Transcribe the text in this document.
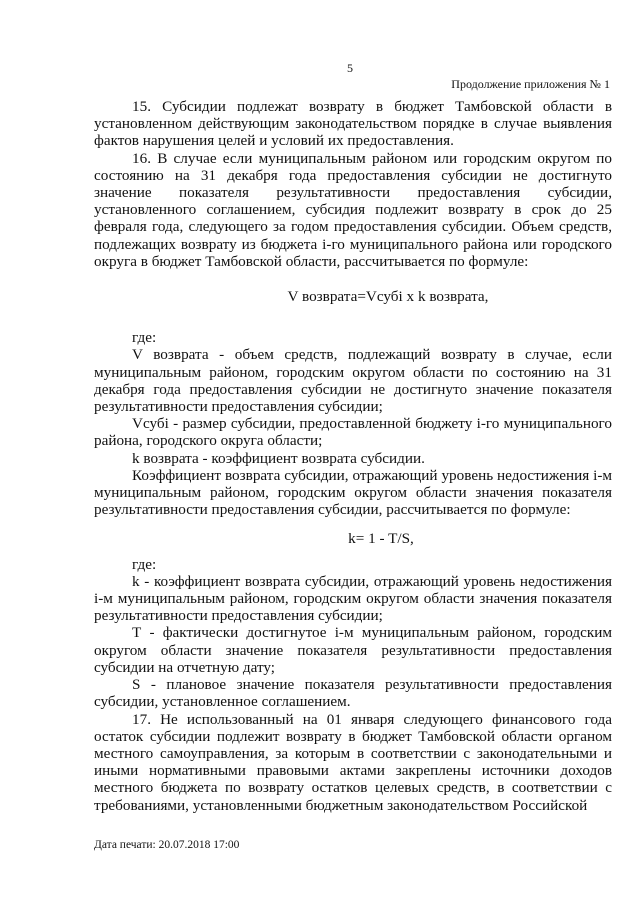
5
Продолжение приложения № 1

15. Субсидии подлежат возврату в бюджет Тамбовской области в установленном действующим законодательством порядке в случае выявления фактов нарушения целей и условий их предоставления.

16. В случае если муниципальным районом или городским округом по состоянию на 31 декабря года предоставления субсидии не достигнуто значение показателя результативности предоставления субсидии, установленного соглашением, субсидия подлежит возврату в срок до 25 февраля года, следующего за годом предоставления субсидии. Объем средств, подлежащих возврату из бюджета i-го муниципального района или городского округа в бюджет Тамбовской области, рассчитывается по формуле:

V возврата=Vсубi x k возврата,

где:

V возврата - объем средств, подлежащий возврату в случае, если муниципальным районом, городским округом области по состоянию на 31 декабря года предоставления субсидии не достигнуто значение показателя результативности предоставления субсидии;

Vсубi - размер субсидии, предоставленной бюджету i-го муниципального района, городского округа области;

k возврата - коэффициент возврата субсидии.

Коэффициент возврата субсидии, отражающий уровень недостижения i-м муниципальным районом, городским округом области значения показателя результативности предоставления субсидии, рассчитывается по формуле:

k= 1 - T/S,

где:

k - коэффициент возврата субсидии, отражающий уровень недостижения i-м муниципальным районом, городским округом области значения показателя результативности предоставления субсидии;

Т - фактически достигнутое i-м муниципальным районом, городским округом области значение показателя результативности предоставления субсидии на отчетную дату;

S - плановое значение показателя результативности предоставления субсидии, установленное соглашением.

17. Не использованный на 01 января следующего финансового года остаток субсидии подлежит возврату в бюджет Тамбовской области органом местного самоуправления, за которым в соответствии с законодательными и иными нормативными правовыми актами закреплены источники доходов местного бюджета по возврату остатков целевых средств, в соответствии с требованиями, установленными бюджетным законодательством Российской

Дата печати: 20.07.2018 17:00
